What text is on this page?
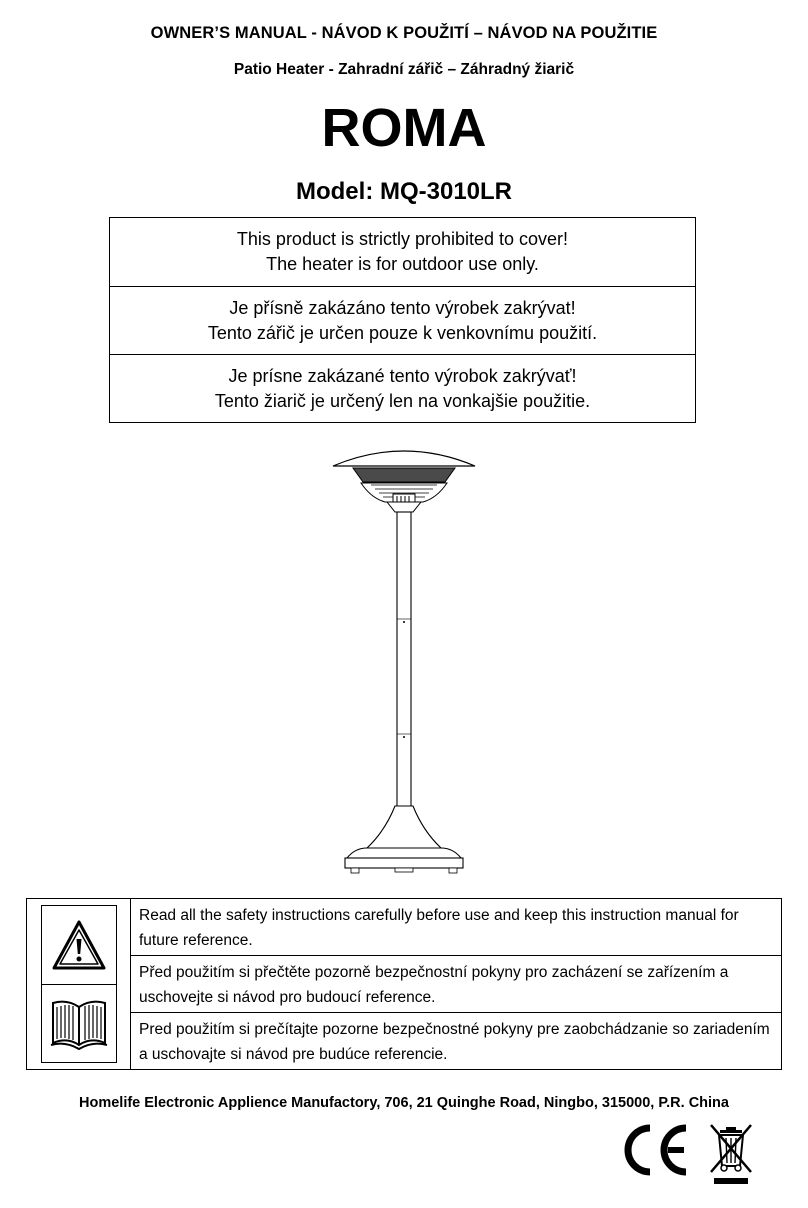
OWNER’S MANUAL - NÁVOD K POUŽITÍ – NÁVOD NA POUŽITIE
Patio Heater - Zahradní zářič – Záhradný žiarič
ROMA
Model: MQ-3010LR
This product is strictly prohibited to cover!
The heater is for outdoor use only.
Je přísně zakázáno tento výrobek zakrývat!
Tento zářič je určen pouze k venkovnímu použití.
Je prísne zakázané tento výrobok zakrývať!
Tento žiarič je určený len na vonkajšie použitie.
Read all the safety instructions carefully before use and keep this instruction manual for future reference.
Před použitím si přečtěte pozorně bezpečnostní pokyny pro zacházení se zařízením a uschovejte si návod pro budoucí reference.
Pred použitím si prečítajte pozorne bezpečnostné pokyny pre zaobchádzanie so zariadením a uschovajte si návod pre budúce referencie.
Homelife Electronic Applience Manufactory, 706, 21 Quinghe Road, Ningbo, 315000, P.R. China
